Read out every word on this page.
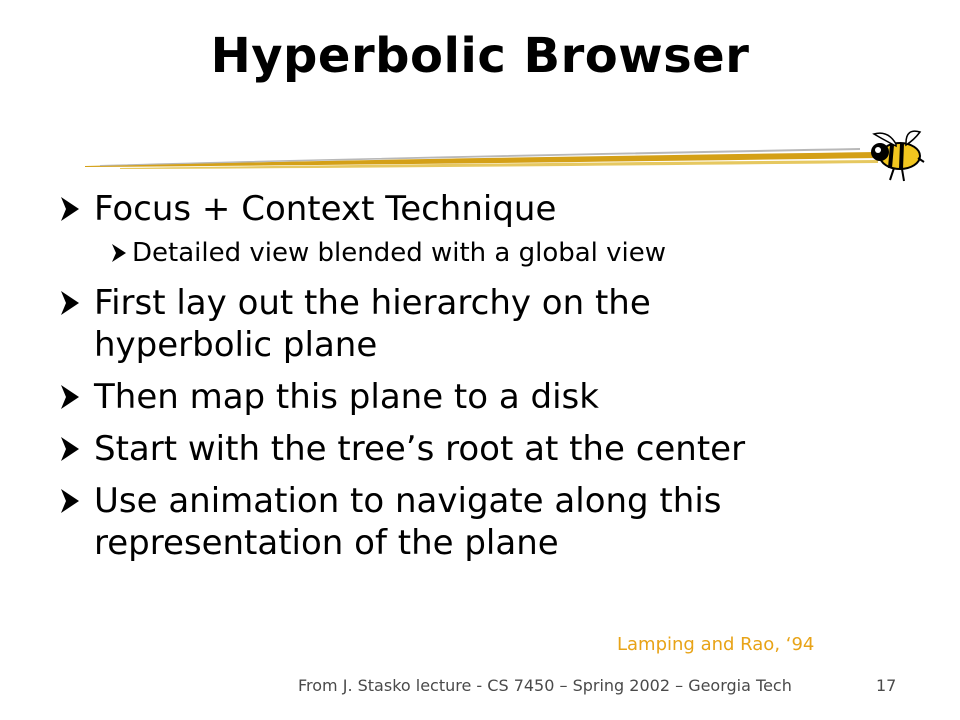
Hyperbolic Browser
Focus + Context Technique
Detailed view blended with a global view
First lay out the hierarchy on the hyperbolic plane
Then map this plane to a disk
Start with the tree’s root at the center
Use animation to navigate along this representation of the plane
Lamping and Rao, ‘94
From J. Stasko lecture - CS 7450 – Spring 2002 – Georgia Tech	17
